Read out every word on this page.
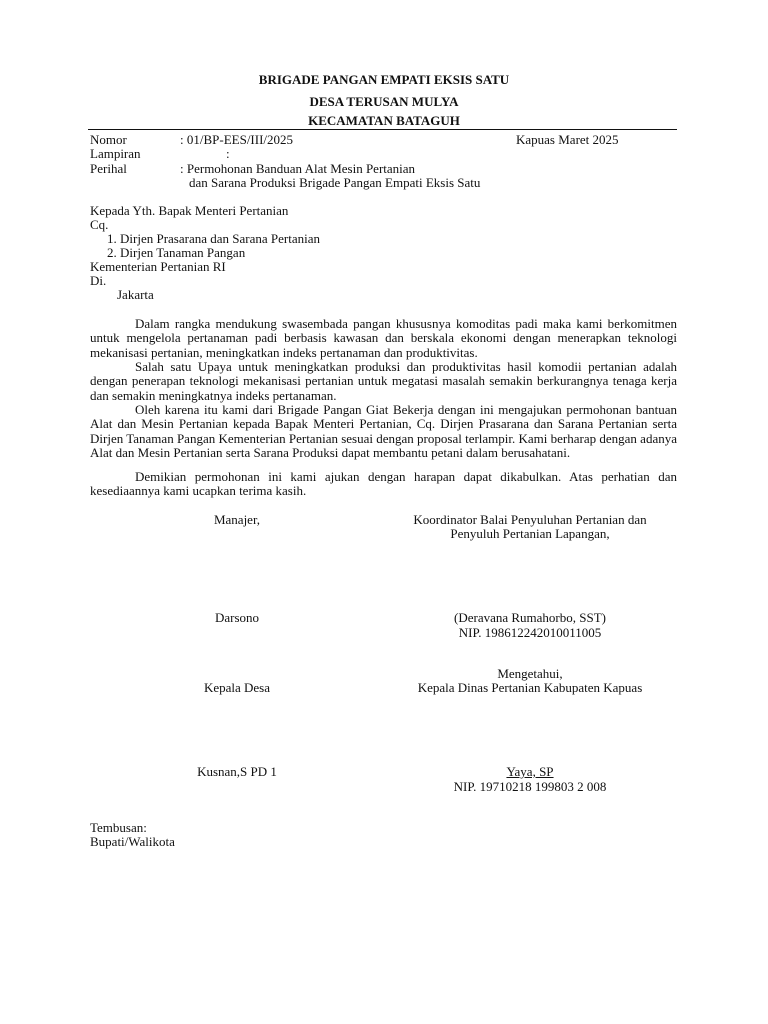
BRIGADE PANGAN EMPATI EKSIS SATU
DESA TERUSAN MULYA
KECAMATAN BATAGUH
Nomor	: 01/BP-EES/III/2025	Kapuas Maret 2025
Lampiran	:
Perihal	: Permohonan Banduan Alat Mesin Pertanian
dan Sarana Produksi Brigade Pangan Empati Eksis Satu
Kepada Yth. Bapak Menteri Pertanian
Cq.
1. Dirjen Prasarana dan Sarana Pertanian
2. Dirjen Tanaman Pangan
Kementerian Pertanian RI
Di.
Jakarta
Dalam rangka mendukung swasembada pangan khususnya komoditas padi maka kami berkomitmen untuk mengelola pertanaman padi berbasis kawasan dan berskala ekonomi dengan menerapkan teknologi mekanisasi pertanian, meningkatkan indeks pertanaman dan produktivitas.
Salah satu Upaya untuk meningkatkan produksi dan produktivitas hasil komodii pertanian adalah dengan penerapan teknologi mekanisasi pertanian untuk megatasi masalah semakin berkurangnya tenaga kerja dan semakin meningkatnya indeks pertanaman.
Oleh karena itu kami dari Brigade Pangan Giat Bekerja dengan ini mengajukan permohonan bantuan Alat dan Mesin Pertanian kepada Bapak Menteri Pertanian, Cq. Dirjen Prasarana dan Sarana Pertanian serta Dirjen Tanaman Pangan Kementerian Pertanian sesuai dengan proposal terlampir. Kami berharap dengan adanya Alat dan Mesin Pertanian serta Sarana Produksi dapat membantu petani dalam berusahatani.
Demikian permohonan ini kami ajukan dengan harapan dapat dikabulkan. Atas perhatian dan kesediaannya kami ucapkan terima kasih.
Manajer,	Koordinator Balai Penyuluhan Pertanian dan
Penyuluh Pertanian Lapangan,
Darsono	(Deravana Rumahorbo, SST)
NIP. 198612242010011005
Mengetahui,
Kepala Desa	Kepala Dinas Pertanian Kabupaten Kapuas
Kusnan,S PD 1	Yaya, SP
NIP. 19710218 199803 2 008
Tembusan:
Bupati/Walikota
